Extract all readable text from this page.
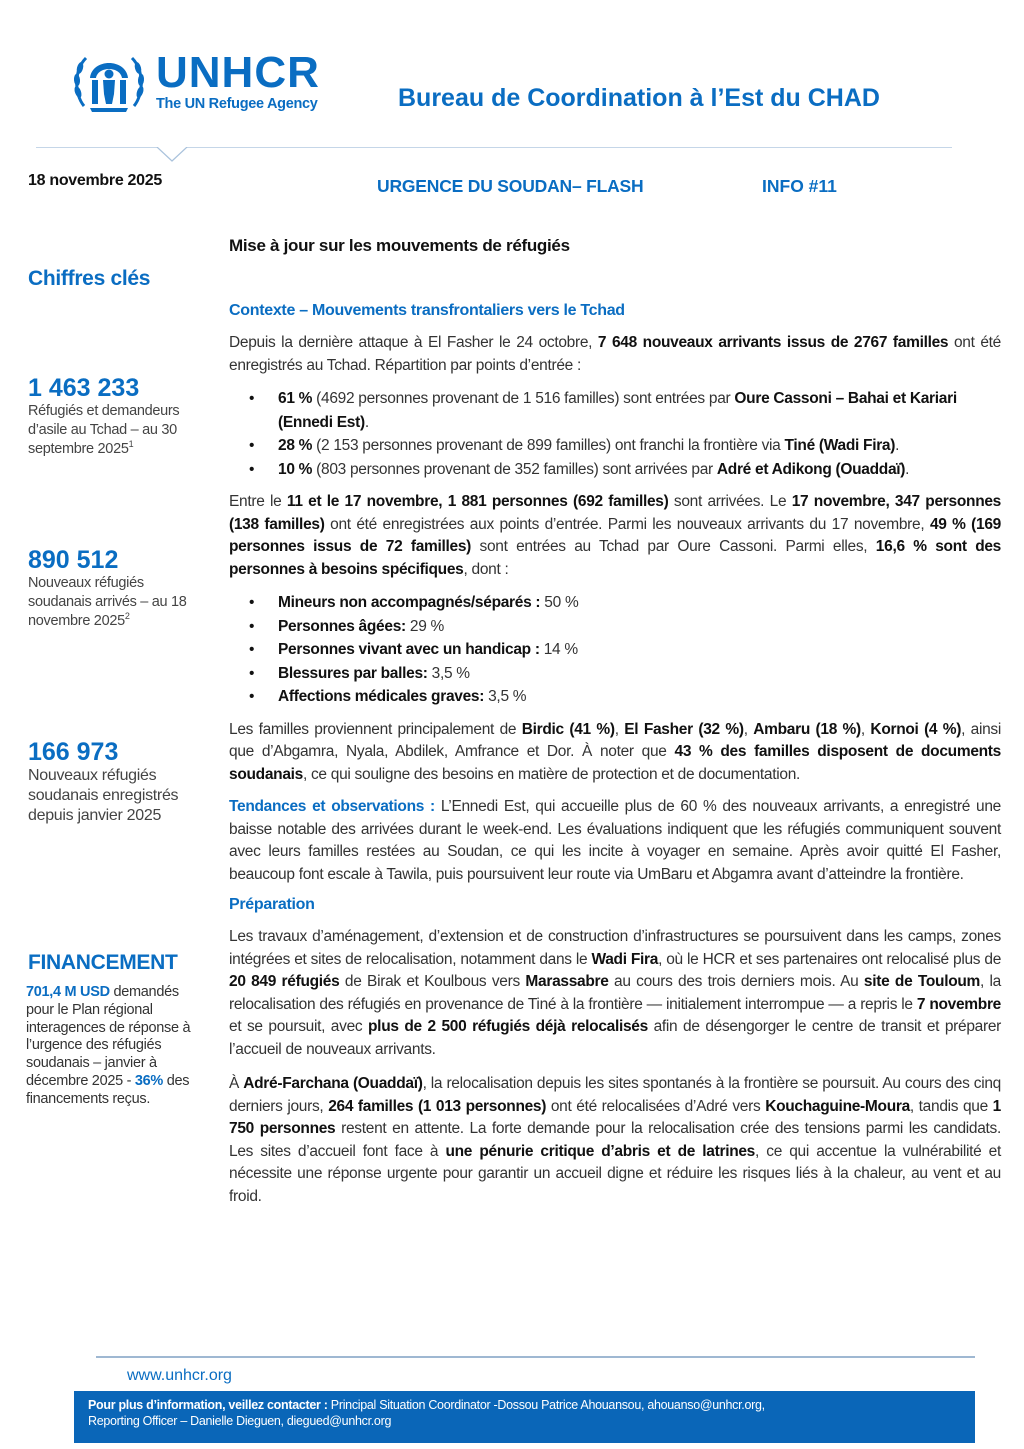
UNHCR
The UN Refugee Agency	Bureau de Coordination à l’Est du CHAD
18 novembre 2025	URGENCE DU SOUDAN– FLASH	INFO #11
Chiffres clés
1 463 233
Réfugiés et demandeurs d’asile au Tchad – au 30 septembre 2025$^1$
890 512
Nouveaux réfugiés soudanais arrivés – au 18 novembre 2025$^2$
166 973
Nouveaux réfugiés soudanais enregistrés depuis janvier 2025
FINANCEMENT
701,4 M USD demandés pour le Plan régional interagences de réponse à l’urgence des réfugiés soudanais – janvier à décembre 2025 - 36% des financements reçus.
Mise à jour sur les mouvements de réfugiés
Contexte – Mouvements transfrontaliers vers le Tchad

Depuis la dernière attaque à El Fasher le 24 octobre, 7 648 nouveaux arrivants issus de 2767 familles ont été enregistrés au Tchad. Répartition par points d’entrée :

• 61 % (4692 personnes provenant de 1 516 familles) sont entrées par Oure Cassoni – Bahai et Kariari (Ennedi Est).
• 28 % (2 153 personnes provenant de 899 familles) ont franchi la frontière via Tiné (Wadi Fira).
• 10 % (803 personnes provenant de 352 familles) sont arrivées par Adré et Adikong (Ouaddaï).

Entre le 11 et le 17 novembre, 1 881 personnes (692 familles) sont arrivées. Le 17 novembre, 347 personnes (138 familles) ont été enregistrées aux points d’entrée. Parmi les nouveaux arrivants du 17 novembre, 49 % (169 personnes issus de 72 familles) sont entrées au Tchad par Oure Cassoni. Parmi elles, 16,6 % sont des personnes à besoins spécifiques, dont :

• Mineurs non accompagnés/séparés : 50 %
• Personnes âgées: 29 %
• Personnes vivant avec un handicap : 14 %
• Blessures par balles: 3,5 %
• Affections médicales graves: 3,5 %

Les familles proviennent principalement de Birdic (41 %), El Fasher (32 %), Ambaru (18 %), Kornoi (4 %), ainsi que d’Abgamra, Nyala, Abdilek, Amfrance et Dor. À noter que 43 % des familles disposent de documents soudanais, ce qui souligne des besoins en matière de protection et de documentation.

Tendances et observations : L’Ennedi Est, qui accueille plus de 60 % des nouveaux arrivants, a enregistré une baisse notable des arrivées durant le week-end. Les évaluations indiquent que les réfugiés communiquent souvent avec leurs familles restées au Soudan, ce qui les incite à voyager en semaine. Après avoir quitté El Fasher, beaucoup font escale à Tawila, puis poursuivent leur route via UmBaru et Abgamra avant d’atteindre la frontière.

Préparation

Les travaux d’aménagement, d’extension et de construction d’infrastructures se poursuivent dans les camps, zones intégrées et sites de relocalisation, notamment dans le Wadi Fira, où le HCR et ses partenaires ont relocalisé plus de 20 849 réfugiés de Birak et Koulbous vers Marassabre au cours des trois derniers mois. Au site de Touloum, la relocalisation des réfugiés en provenance de Tiné à la frontière — initialement interrompue — a repris le 7 novembre et se poursuit, avec plus de 2 500 réfugiés déjà relocalisés afin de désengorger le centre de transit et préparer l’accueil de nouveaux arrivants.

À Adré-Farchana (Ouaddaï), la relocalisation depuis les sites spontanés à la frontière se poursuit. Au cours des cinq derniers jours, 264 familles (1 013 personnes) ont été relocalisées d’Adré vers Kouchaguine-Moura, tandis que 1 750 personnes restent en attente. La forte demande pour la relocalisation crée des tensions parmi les candidats. Les sites d’accueil font face à une pénurie critique d’abris et de latrines, ce qui accentue la vulnérabilité et nécessite une réponse urgente pour garantir un accueil digne et réduire les risques liés à la chaleur, au vent et au froid.

www.unhcr.org
Pour plus d’information, veillez contacter : Principal Situation Coordinator -Dossou Patrice Ahouansou, ahouanso@unhcr.org,
Reporting Officer – Danielle Dieguen, diegued@unhcr.org
